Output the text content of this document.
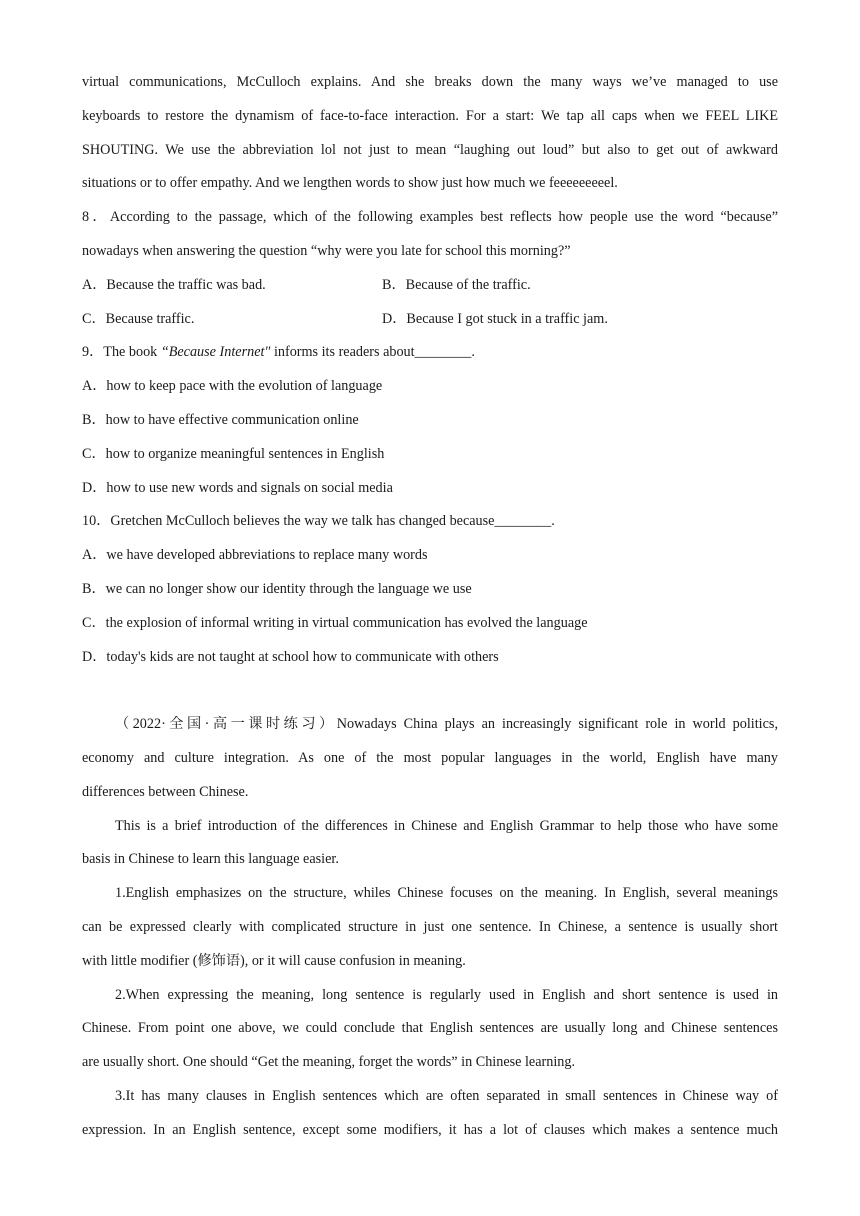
virtual communications, McCulloch explains. And she breaks down the many ways we’ve managed to use
keyboards to restore the dynamism of face-to-face interaction. For a start: We tap all caps when we FEEL LIKE
SHOUTING. We use the abbreviation lol not just to mean “laughing out loud” but also to get out of awkward
situations or to offer empathy. And we lengthen words to show just how much we feeeeeeeeel.
8．According to the passage, which of the following examples best reflects how people use the word “because”
nowadays when answering the question “why were you late for school this morning?”
A．Because the traffic was bad.	B．Because of the traffic.
C．Because traffic.	D．Because I got stuck in a traffic jam.
9．The book “Because Internet" informs its readers about________.
A．how to keep pace with the evolution of language
B．how to have effective communication online
C．how to organize meaningful sentences in English
D．how to use new words and signals on social media
10．Gretchen McCulloch believes the way we talk has changed because________.
A．we have developed abbreviations to replace many words
B．we can no longer show our identity through the language we use
C．the explosion of informal writing in virtual communication has evolved the language
D．today's kids are not taught at school how to communicate with others
（2022·全国·高一课时练习）Nowadays China plays an increasingly significant role in world politics,
economy and culture integration. As one of the most popular languages in the world, English have many
differences between Chinese.
This is a brief introduction of the differences in Chinese and English Grammar to help those who have some
basis in Chinese to learn this language easier.
1.English emphasizes on the structure, whiles Chinese focuses on the meaning. In English, several meanings
can be expressed clearly with complicated structure in just one sentence. In Chinese, a sentence is usually short
with little modifier (修饰语), or it will cause confusion in meaning.
2.When expressing the meaning, long sentence is regularly used in English and short sentence is used in
Chinese. From point one above, we could conclude that English sentences are usually long and Chinese sentences
are usually short. One should “Get the meaning, forget the words” in Chinese learning.
3.It has many clauses in English sentences which are often separated in small sentences in Chinese way of
expression. In an English sentence, except some modifiers, it has a lot of clauses which makes a sentence much
